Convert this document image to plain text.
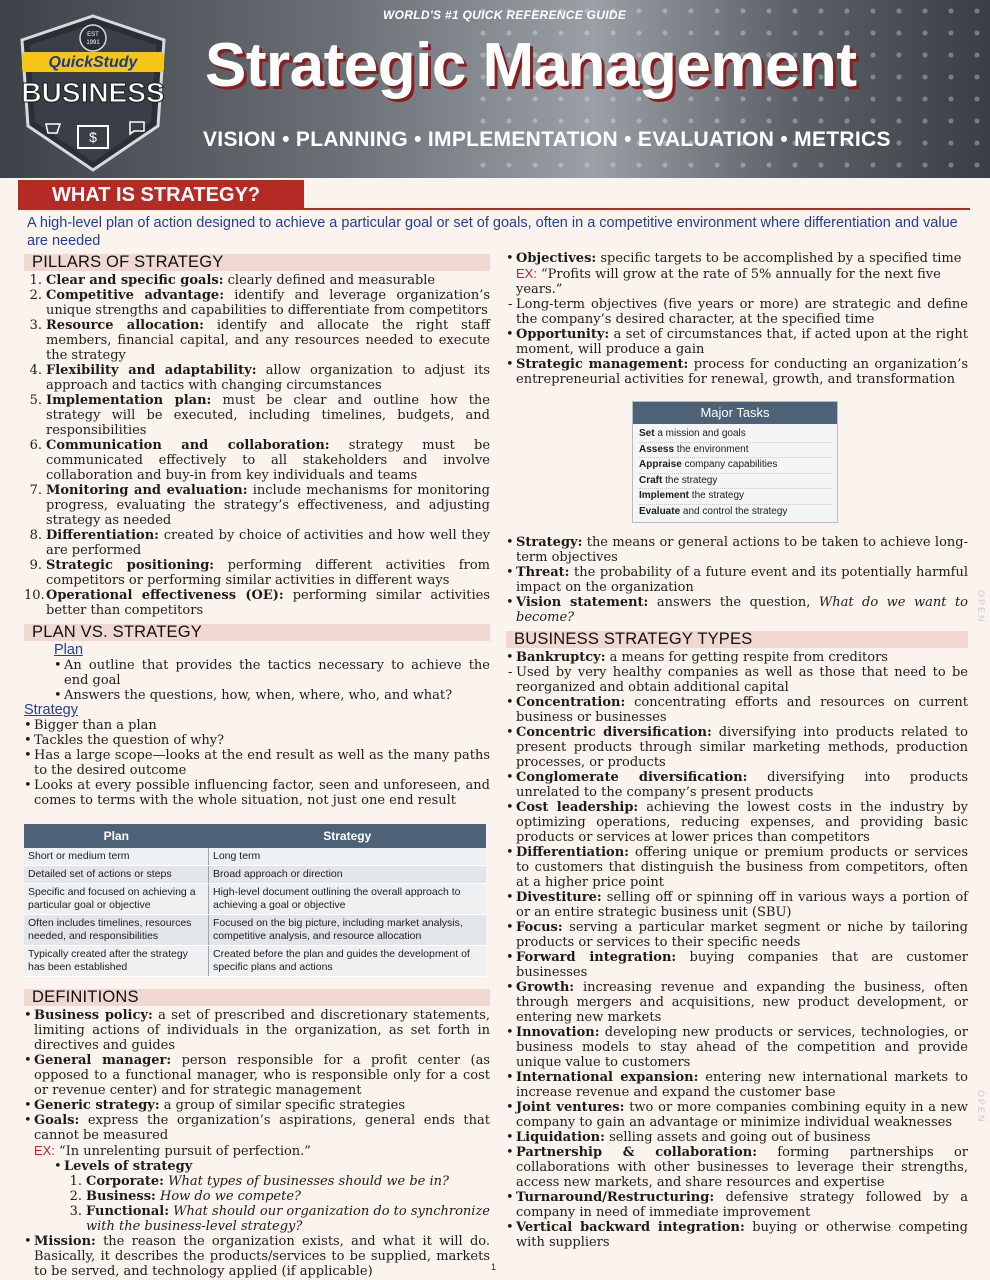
WORLD'S #1 QUICK REFERENCE GUIDE
EST
1991
QuickStudy
BUSINESS
$
Strategic Management
VISION • PLANNING • IMPLEMENTATION • EVALUATION • METRICS
WHAT IS STRATEGY?
A high-level plan of action designed to achieve a particular goal or set of goals, often in a competitive environment where differentiation and value are needed
PILLARS OF STRATEGY
1. Clear and specific goals: clearly defined and measurable
2. Competitive advantage: identify and leverage organization’s unique strengths and capabilities to differentiate from competitors
3. Resource allocation: identify and allocate the right staff members, financial capital, and any resources needed to execute the strategy
4. Flexibility and adaptability: allow organization to adjust its approach and tactics with changing circumstances
5. Implementation plan: must be clear and outline how the strategy will be executed, including timelines, budgets, and responsibilities
6. Communication and collaboration: strategy must be communicated effectively to all stakeholders and involve collaboration and buy-in from key individuals and teams
7. Monitoring and evaluation: include mechanisms for monitoring progress, evaluating the strategy’s effectiveness, and adjusting strategy as needed
8. Differentiation: created by choice of activities and how well they are performed
9. Strategic positioning: performing different activities from competitors or performing similar activities in different ways
10. Operational effectiveness (OE): performing similar activities better than competitors
PLAN VS. STRATEGY
Plan
• An outline that provides the tactics necessary to achieve the end goal
• Answers the questions, how, when, where, who, and what?
Strategy
• Bigger than a plan
• Tackles the question of why?
• Has a large scope—looks at the end result as well as the many paths to the desired outcome
• Looks at every possible influencing factor, seen and unforeseen, and comes to terms with the whole situation, not just one end result
Plan	Strategy
Short or medium term	Long term
Detailed set of actions or steps	Broad approach or direction
Specific and focused on achieving a particular goal or objective	High-level document outlining the overall approach to achieving a goal or objective
Often includes timelines, resources needed, and responsibilities	Focused on the big picture, including market analysis, competitive analysis, and resource allocation
Typically created after the strategy has been established	Created before the plan and guides the development of specific plans and actions
DEFINITIONS
• Business policy: a set of prescribed and discretionary statements, limiting actions of individuals in the organization, as set forth in directives and guides
• General manager: person responsible for a profit center (as opposed to a functional manager, who is responsible only for a cost or revenue center) and for strategic management
• Generic strategy: a group of similar specific strategies
• Goals: express the organization’s aspirations, general ends that cannot be measured
EX: “In unrelenting pursuit of perfection.”
• Levels of strategy
1. Corporate: What types of businesses should we be in?
2. Business: How do we compete?
3. Functional: What should our organization do to synchronize with the business-level strategy?
• Mission: the reason the organization exists, and what it will do. Basically, it describes the products/services to be supplied, markets to be served, and technology applied (if applicable)
• Objectives: specific targets to be accomplished by a specified time
EX: “Profits will grow at the rate of 5% annually for the next five years.”
- Long-term objectives (five years or more) are strategic and define the company’s desired character, at the specified time
• Opportunity: a set of circumstances that, if acted upon at the right moment, will produce a gain
• Strategic management: process for conducting an organization’s entrepreneurial activities for renewal, growth, and transformation
Major Tasks
Set a mission and goals
Assess the environment
Appraise company capabilities
Craft the strategy
Implement the strategy
Evaluate and control the strategy
• Strategy: the means or general actions to be taken to achieve long-term objectives
• Threat: the probability of a future event and its potentially harmful impact on the organization
• Vision statement: answers the question, What do we want to become?
BUSINESS STRATEGY TYPES
• Bankruptcy: a means for getting respite from creditors
- Used by very healthy companies as well as those that need to be reorganized and obtain additional capital
• Concentration: concentrating efforts and resources on current business or businesses
• Concentric diversification: diversifying into products related to present products through similar marketing methods, production processes, or products
• Conglomerate diversification: diversifying into products unrelated to the company’s present products
• Cost leadership: achieving the lowest costs in the industry by optimizing operations, reducing expenses, and providing basic products or services at lower prices than competitors
• Differentiation: offering unique or premium products or services to customers that distinguish the business from competitors, often at a higher price point
• Divestiture: selling off or spinning off in various ways a portion of or an entire strategic business unit (SBU)
• Focus: serving a particular market segment or niche by tailoring products or services to their specific needs
• Forward integration: buying companies that are customer businesses
• Growth: increasing revenue and expanding the business, often through mergers and acquisitions, new product development, or entering new markets
• Innovation: developing new products or services, technologies, or business models to stay ahead of the competition and provide unique value to customers
• International expansion: entering new international markets to increase revenue and expand the customer base
• Joint ventures: two or more companies combining equity in a new company to gain an advantage or minimize individual weaknesses
• Liquidation: selling assets and going out of business
• Partnership & collaboration: forming partnerships or collaborations with other businesses to leverage their strengths, access new markets, and share resources and expertise
• Turnaround/Restructuring: defensive strategy followed by a company in need of immediate improvement
• Vertical backward integration: buying or otherwise competing with suppliers
OPEN
OPEN
1
